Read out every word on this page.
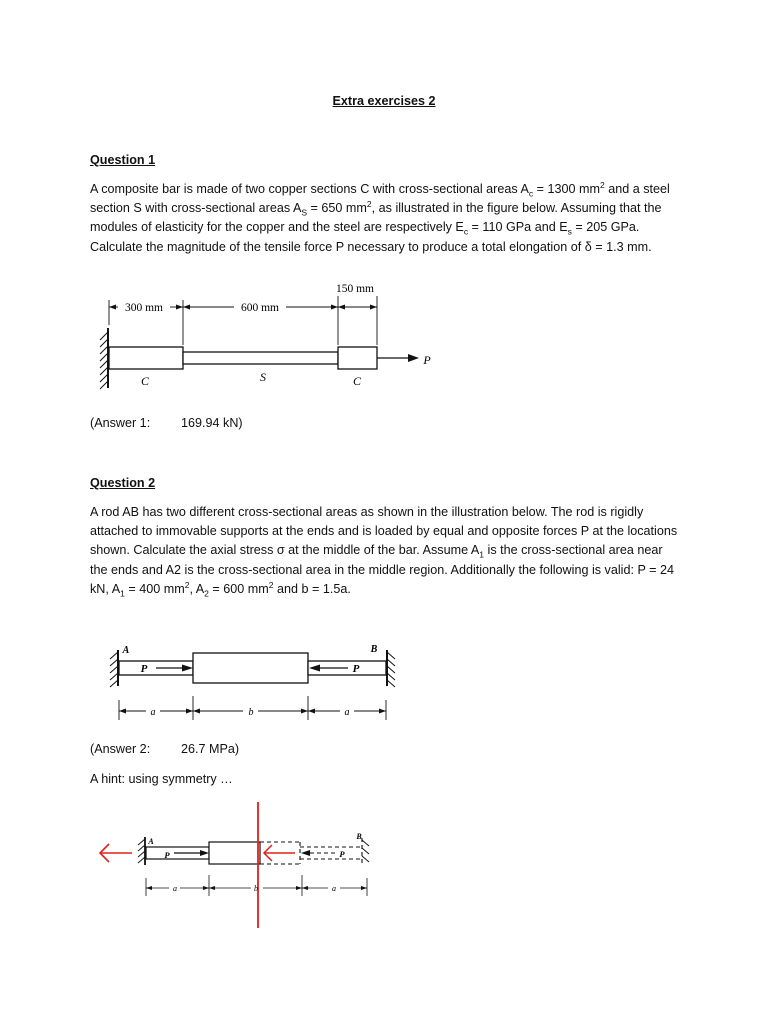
Extra exercises 2
Question 1
A composite bar is made of two copper sections C with cross-sectional areas $A_c = 1300$ $mm^2$ and a steel section S with cross-sectional areas $A_S = 650$ $mm^2$, as illustrated in the figure below. Assuming that the modules of elasticity for the copper and the steel are respectively $E_c = 110$ GPa and $E_s = 205$ GPa. Calculate the magnitude of the tensile force P necessary to produce a total elongation of δ = 1.3 mm.
300 mm	600 mm
150 mm
C	S	C
P
(Answer 1: 169.94 kN)
Question 2
A rod AB has two different cross-sectional areas as shown in the illustration below. The rod is rigidly attached to immovable supports at the ends and is loaded by equal and opposite forces P at the locations shown. Calculate the axial stress σ at the middle of the bar. Assume $A_1$ is the cross-sectional area near the ends and A2 is the cross-sectional area in the middle region. Additionally the following is valid: P = 24 kN, $A_1 = 400$ $mm^2$, $A_2 = 600$ $mm^2$ and b = 1.5a.
A	B
P	P
a	b	a
(Answer 2: 26.7 MPa)
A hint: using symmetry …
A
B
P	P
a	b	a
